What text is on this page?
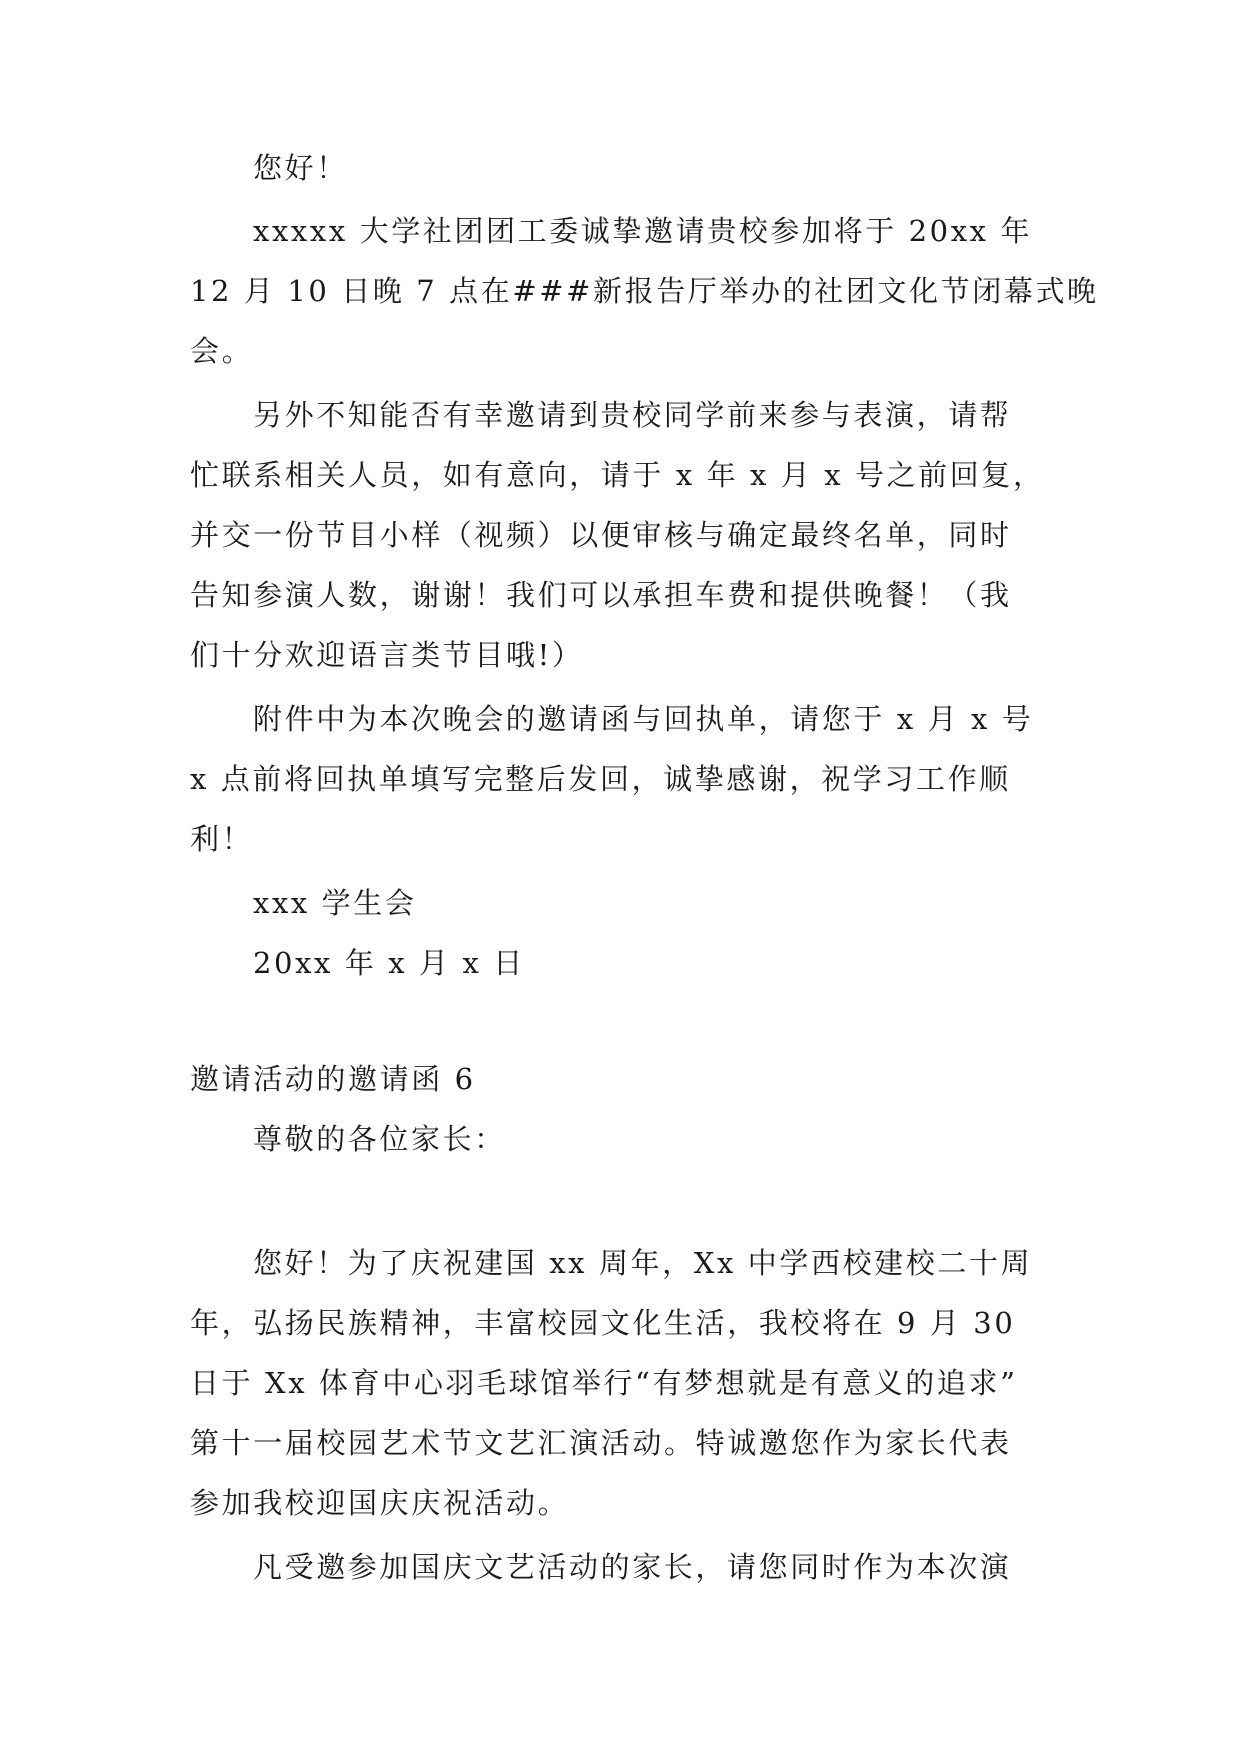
您好！
xxxxx 大学社团团工委诚挚邀请贵校参加将于 20xx 年
12 月 10 日晚 7 点在###新报告厅举办的社团文化节闭幕式晚
会。
另外不知能否有幸邀请到贵校同学前来参与表演，请帮
忙联系相关人员，如有意向，请于 x 年 x 月 x 号之前回复，
并交一份节目小样（视频）以便审核与确定最终名单，同时
告知参演人数，谢谢！我们可以承担车费和提供晚餐！（我
们十分欢迎语言类节目哦!）
附件中为本次晚会的邀请函与回执单，请您于 x 月 x 号
x 点前将回执单填写完整后发回，诚挚感谢，祝学习工作顺
利！
xxx 学生会
20xx 年 x 月 x 日
邀请活动的邀请函 6
尊敬的各位家长：
您好！为了庆祝建国 xx 周年，Xx 中学西校建校二十周
年，弘扬民族精神，丰富校园文化生活，我校将在 9 月 30
日于 Xx 体育中心羽毛球馆举行“有梦想就是有意义的追求”
第十一届校园艺术节文艺汇演活动。特诚邀您作为家长代表
参加我校迎国庆庆祝活动。
凡受邀参加国庆文艺活动的家长，请您同时作为本次演
